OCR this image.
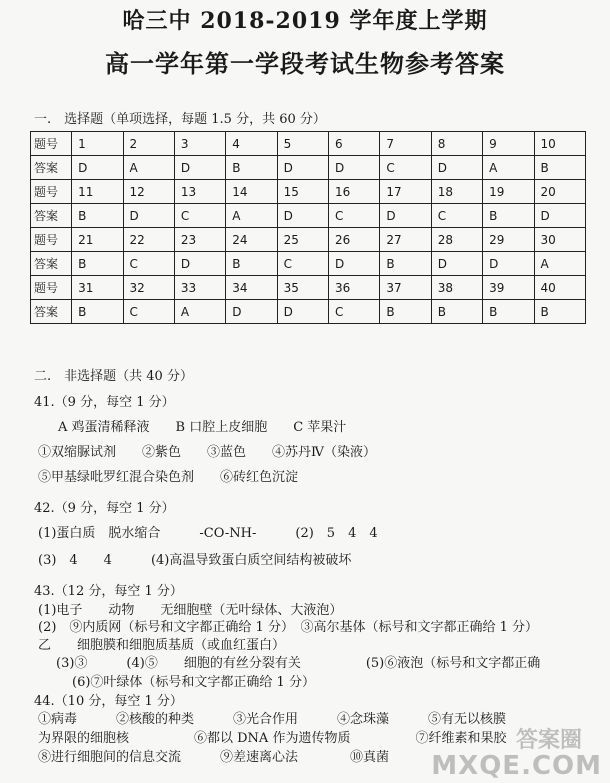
哈三中 2018-2019 学年度上学期
高一学年第一学段考试生物参考答案
一.　选择题（单项选择，每题 1.5 分，共 60 分）
题号	1	2	3	4	5	6	7	8	9	10
答案	D	A	D	B	D	D	C	D	A	B
题号	11	12	13	14	15	16	17	18	19	20
答案	B	D	C	A	D	C	D	C	B	D
题号	21	22	23	24	25	26	27	28	29	30
答案	B	C	D	B	C	D	B	D	D	A
题号	31	32	33	34	35	36	37	38	39	40
答案	B	C	A	D	D	C	B	B	B	B
二.　非选择题（共 40 分）
41.（9 分，每空 1 分）
A 鸡蛋清稀释液　　B 口腔上皮细胞　　C 苹果汁
①双缩脲试剂　　②紫色　　③蓝色　　④苏丹Ⅳ（染液）
⑤甲基绿吡罗红混合染色剂　　⑥砖红色沉淀
42.（9 分，每空 1 分）
(1)蛋白质　脱水缩合　　　-CO-NH-　　　(2)　5　4　4
(3)　4　　4　　　(4)高温导致蛋白质空间结构被破坏
43.（12 分，每空 1 分）
(1)电子　　动物　　无细胞壁（无叶绿体、大液泡）
(2)　⑨内质网（标号和文字都正确给 1 分）　③高尔基体（标号和文字都正确给 1 分）
乙　　细胞膜和细胞质基质（或血红蛋白）
(3)③　　　(4)⑤　　细胞的有丝分裂有关　　　　　(5)⑥液泡（标号和文字都正确
(6)⑦叶绿体（标号和文字都正确给 1 分）
44.（10 分，每空 1 分）
①病毒　　　②核酸的种类　　　③光合作用　　　④念珠藻　　　⑤有无以核膜
为界限的细胞核　　　　　⑥都以 DNA 作为遗传物质　　　　　⑦纤维素和果胶
⑧进行细胞间的信息交流　　　⑨差速离心法　　　　⑩真菌
答案圈
MXQE.COM
